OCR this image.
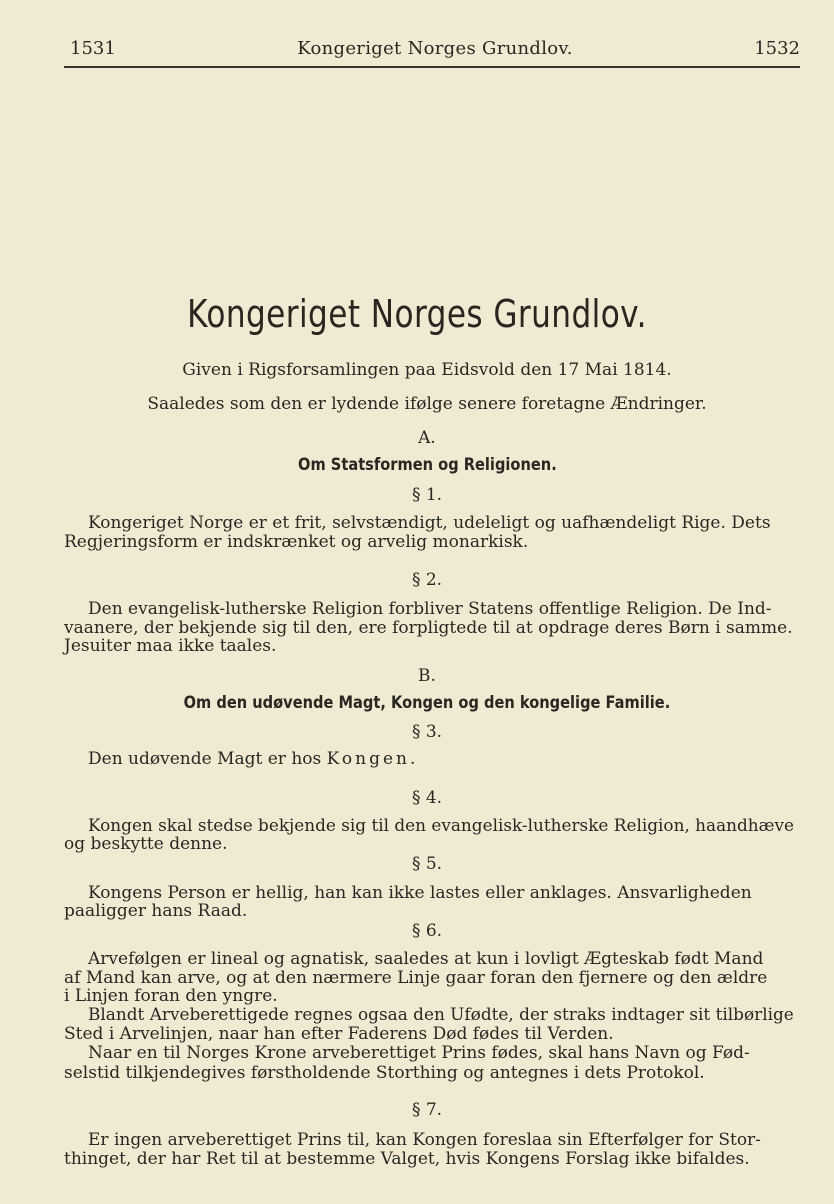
1531	Kongeriget Norges Grundlov.	1532
Kongeriget Norges Grundlov.
Given i Rigsforsamlingen paa Eidsvold den 17 Mai 1814.
Saaledes som den er lydende ifølge senere foretagne Ændringer.
A.
Om Statsformen og Religionen.
§ 1.
Kongeriget Norge er et frit, selvstændigt, udeleligt og uafhændeligt Rige. Dets
Regjeringsform er indskrænket og arvelig monarkisk.
§ 2.
Den evangelisk-lutherske Religion forbliver Statens offentlige Religion. De Ind-
vaanere, der bekjende sig til den, ere forpligtede til at opdrage deres Børn i samme.
Jesuiter maa ikke taales.
B.
Om den udøvende Magt, Kongen og den kongelige Familie.
§ 3.
Den udøvende Magt er hos Kongen.
§ 4.
Kongen skal stedse bekjende sig til den evangelisk-lutherske Religion, haandhæve
og beskytte denne.
§ 5.
Kongens Person er hellig, han kan ikke lastes eller anklages. Ansvarligheden
paaligger hans Raad.
§ 6.
Arvefølgen er lineal og agnatisk, saaledes at kun i lovligt Ægteskab født Mand
af Mand kan arve, og at den nærmere Linje gaar foran den fjernere og den ældre
i Linjen foran den yngre.
Blandt Arveberettigede regnes ogsaa den Ufødte, der straks indtager sit tilbørlige
Sted i Arvelinjen, naar han efter Faderens Død fødes til Verden.
Naar en til Norges Krone arveberettiget Prins fødes, skal hans Navn og Fød-
selstid tilkjendegives førstholdende Storthing og antegnes i dets Protokol.
§ 7.
Er ingen arveberettiget Prins til, kan Kongen foreslaa sin Efterfølger for Stor-
thinget, der har Ret til at bestemme Valget, hvis Kongens Forslag ikke bifaldes.
